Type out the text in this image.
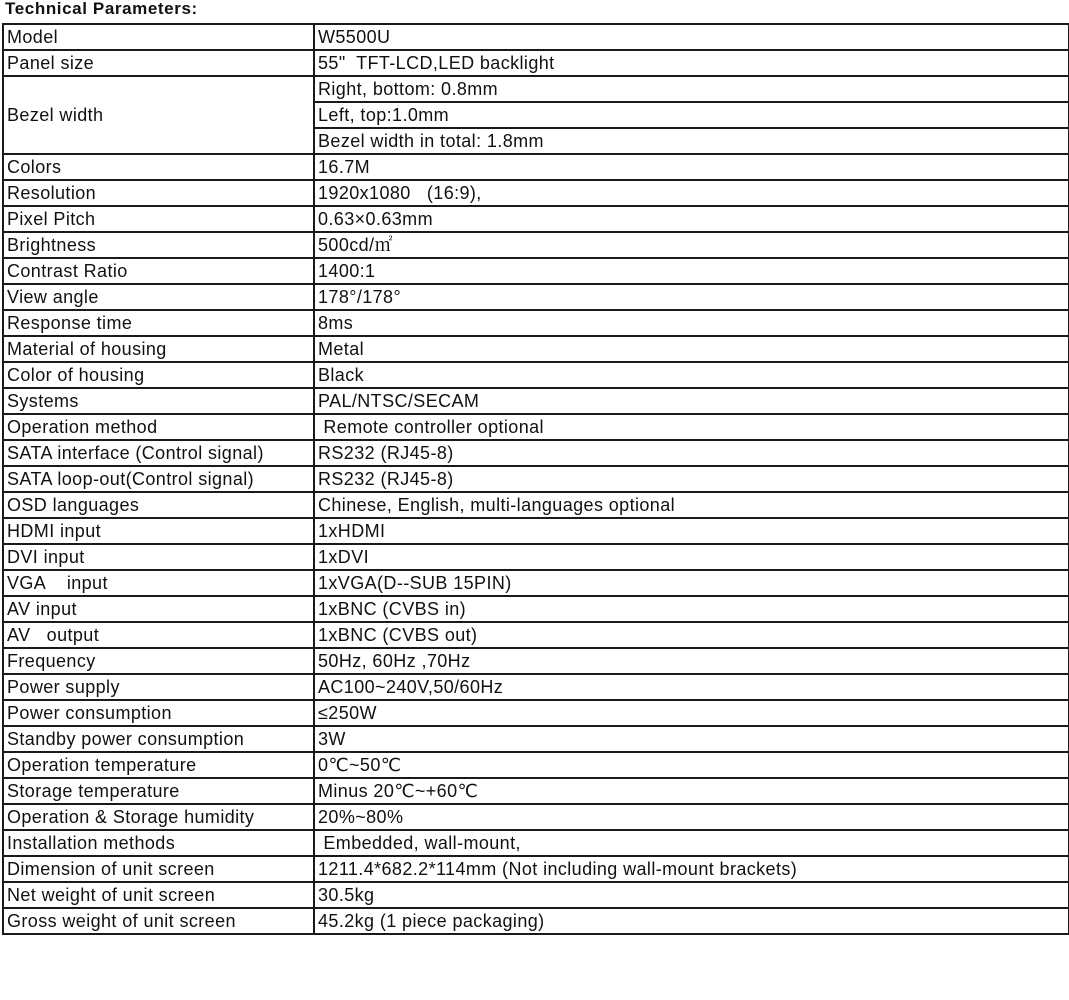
Technical Parameters:
Model	W5500U
Panel size	55"  TFT-LCD,LED backlight
Bezel width	Right, bottom: 0.8mm
	Left, top:1.0mm
	Bezel width in total: 1.8mm
Colors	16.7M
Resolution	1920x1080   (16:9),
Pixel Pitch	0.63×0.63mm
Brightness	500cd/㎡
Contrast Ratio	1400:1
View angle	178°/178°
Response time	8ms
Material of housing	Metal
Color of housing	Black
Systems	PAL/NTSC/SECAM
Operation method	Remote controller optional
SATA interface (Control signal)	RS232 (RJ45-8)
SATA loop-out(Control signal)	RS232 (RJ45-8)
OSD languages	Chinese, English, multi-languages optional
HDMI input	1xHDMI
DVI input	1xDVI
VGA    input	1xVGA(D--SUB 15PIN)
AV input	1xBNC (CVBS in)
AV   output	1xBNC (CVBS out)
Frequency	50Hz, 60Hz ,70Hz
Power supply	AC100~240V,50/60Hz
Power consumption	≤250W
Standby power consumption	3W
Operation temperature	0℃~50℃
Storage temperature	Minus 20℃~+60℃
Operation & Storage humidity	20%~80%
Installation methods	Embedded, wall-mount,
Dimension of unit screen	1211.4*682.2*114mm (Not including wall-mount brackets)
Net weight of unit screen	30.5kg
Gross weight of unit screen	45.2kg (1 piece packaging)
